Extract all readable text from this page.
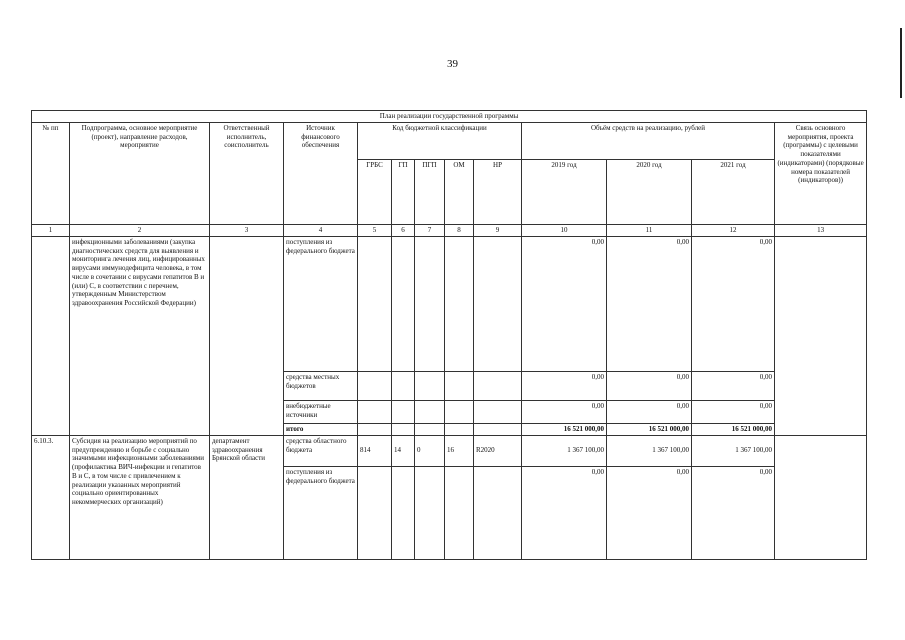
39
План реализации государственной программы												
№ пп	Подпрограмма, основное мероприятие (проект), направление расходов, мероприятие	Ответственный исполнитель, соисполнитель	Источник финансового обеспечения	Код бюджетной классификации					Объём средств на реализацию, рублей			Связь основного мероприятия, проекта (программы) с целевыми показателями (индикаторами) (порядковые номера показателей (индикаторов))
				ГРБС	ГП	ПГП	ОМ	НР	2019 год	2020 год	2021 год	
1	2	3	4	5	6	7	8	9	10	11	12	13
	инфекционными заболеваниями (закупка диагностических средств для выявления и мониторинга лечения лиц, инфицированных вирусами иммунодефицита человека, в том числе в сочетании с вирусами гепатитов В и (или) С, в соответствии с перечнем, утвержденным Министерством здравоохранения Российской Федерации)		поступления из федерального бюджета						0,00	0,00	0,00	
			средства местных бюджетов						0,00	0,00	0,00	
			внебюджетные источники						0,00	0,00	0,00	
			итого						16 521 000,00	16 521 000,00	16 521 000,00	
6.10.3.	Субсидия на реализацию мероприятий по предупреждению и борьбе с социально значимыми инфекционными заболеваниями (профилактика ВИЧ-инфекции и гепатитов В и С, в том числе с привлечением к реализации указанных мероприятий социально ориентированных некоммерческих организаций)	департамент здравоохранения Брянской области	средства областного бюджета	814	14	0	16	R2020	1 367 100,00	1 367 100,00	1 367 100,00	
			поступления из федерального бюджета						0,00	0,00	0,00	
